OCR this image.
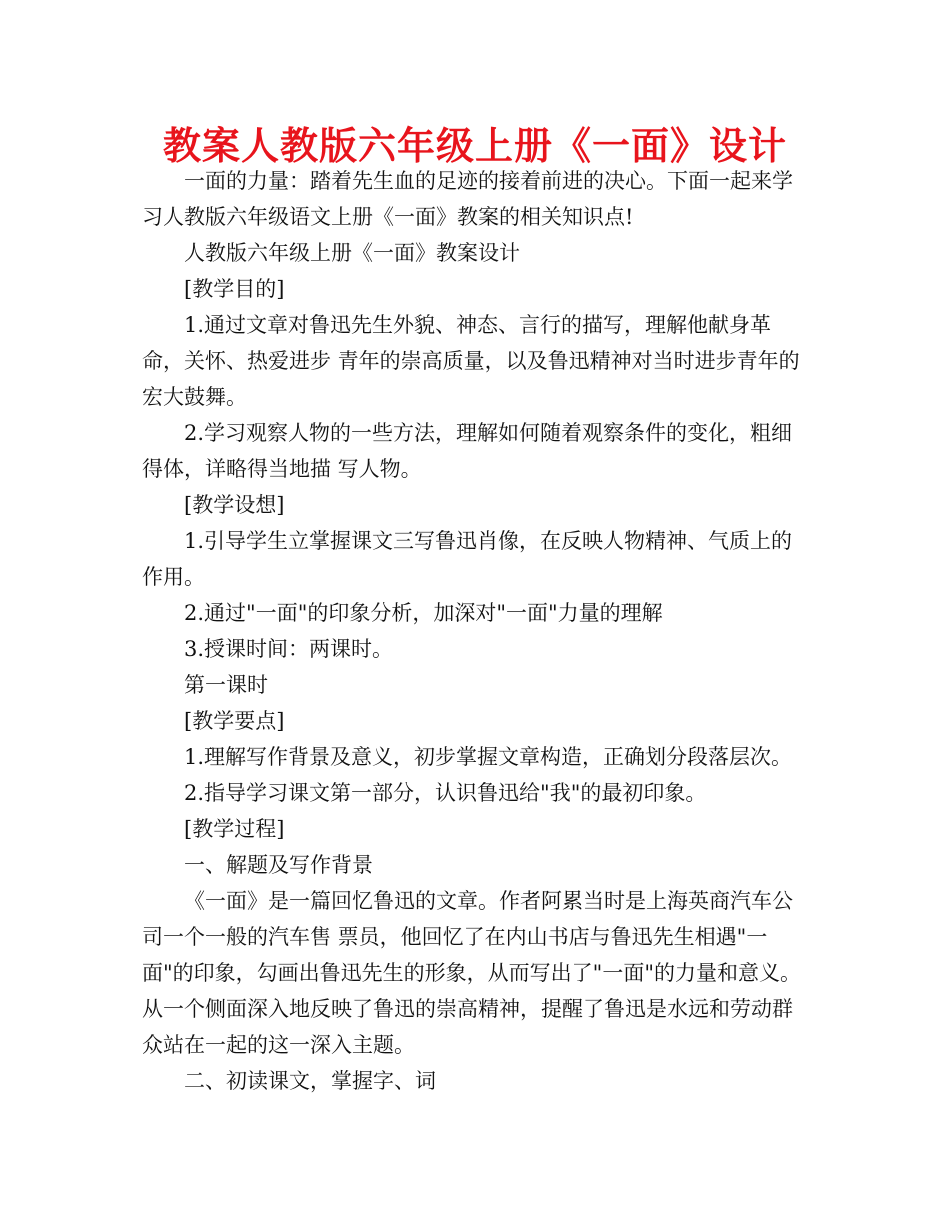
教案人教版六年级上册《一面》设计

一面的力量：踏着先生血的足迹的接着前进的决心。下面一起来学习人教版六年级语文上册《一面》教案的相关知识点!

人教版六年级上册《一面》教案设计

[教学目的]

1.通过文章对鲁迅先生外貌、神态、言行的描写，理解他献身革命，关怀、热爱进步 青年的崇高质量，以及鲁迅精神对当时进步青年的宏大鼓舞。

2.学习观察人物的一些方法，理解如何随着观察条件的变化，粗细得体，详略得当地描 写人物。

[教学设想]

1.引导学生立掌握课文三写鲁迅肖像，在反映人物精神、气质上的作用。

2.通过"一面"的印象分析，加深对"一面"力量的理解

3.授课时间：两课时。

第一课时

[教学要点]

1.理解写作背景及意义，初步掌握文章构造，正确划分段落层次。

2.指导学习课文第一部分，认识鲁迅给"我"的最初印象。

[教学过程]

一、解题及写作背景

《一面》是一篇回忆鲁迅的文章。作者阿累当时是上海英商汽车公司一个一般的汽车售 票员，他回忆了在内山书店与鲁迅先生相遇"一面"的印象，勾画出鲁迅先生的形象，从而写出了"一面"的力量和意义。从一个侧面深入地反映了鲁迅的崇高精神，提醒了鲁迅是水远和劳动群众站在一起的这一深入主题。

二、初读课文，掌握字、词
